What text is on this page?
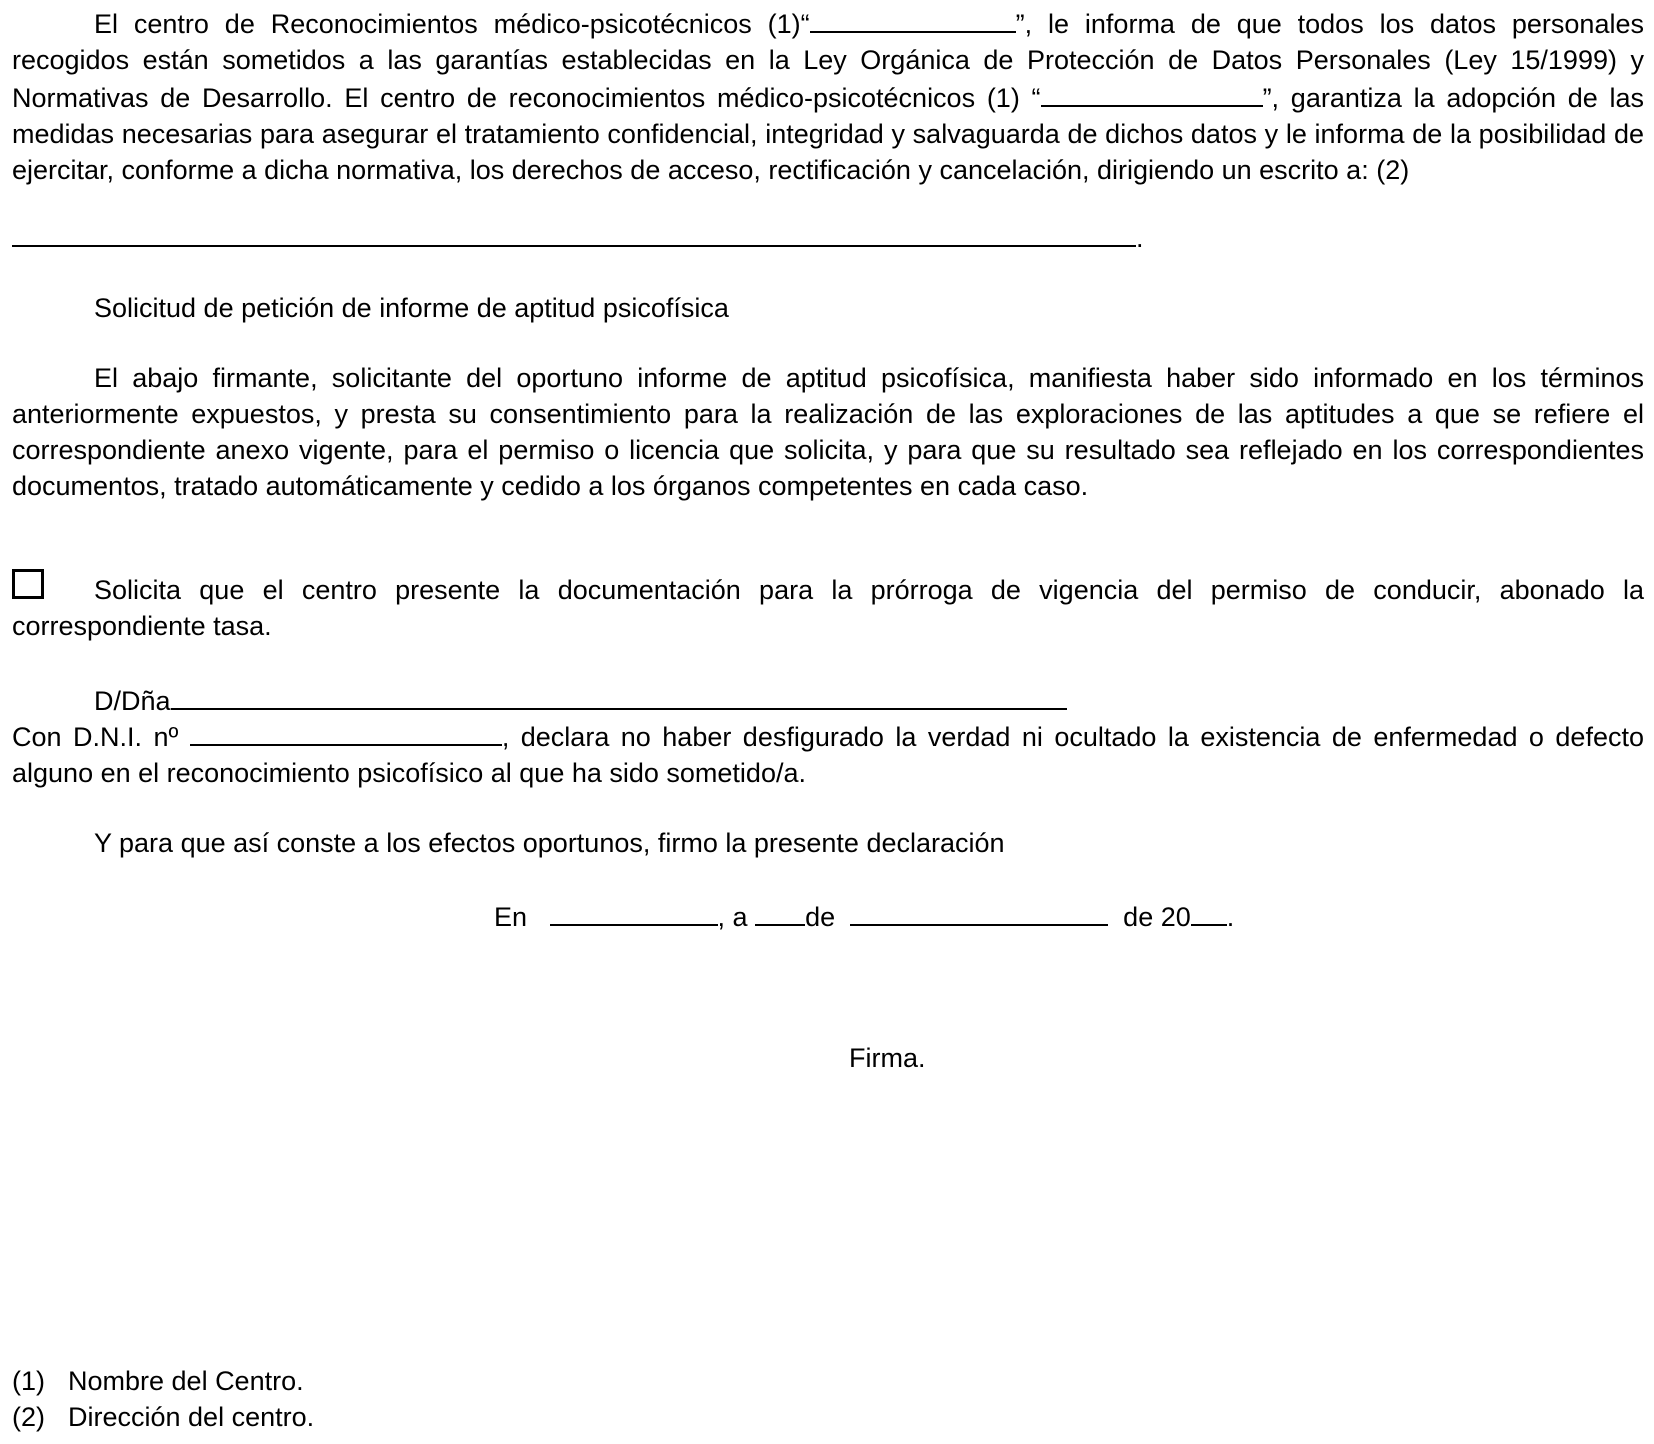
El centro de Reconocimientos médico-psicotécnicos (1)“	”, le informa de que todos los datos personales recogidos están sometidos a las garantías establecidas en la Ley Orgánica de Protección de Datos Personales (Ley 15/1999) y Normativas de Desarrollo. El centro de reconocimientos médico-psicotécnicos (1) “	”, garantiza la adopción de las medidas necesarias para asegurar el tratamiento confidencial, integridad y salvaguarda de dichos datos y le informa de la posibilidad de ejercitar, conforme a dicha normativa, los derechos de acceso, rectificación y cancelación, dirigiendo un escrito a: (2)

.

Solicitud de petición de informe de aptitud psicofísica

El abajo firmante, solicitante del oportuno informe de aptitud psicofísica, manifiesta haber sido informado en los términos anteriormente expuestos, y presta su consentimiento para la realización de las exploraciones de las aptitudes a que se refiere el correspondiente anexo vigente, para el permiso o licencia que solicita, y para que su resultado sea reflejado en los correspondientes documentos, tratado automáticamente y cedido a los órganos competentes en cada caso.

Solicita que el centro presente la documentación para la prórroga de vigencia del permiso de conducir, abonado la correspondiente tasa.

D/Dña

Con D.N.I. nº	, declara no haber desfigurado la verdad ni ocultado la existencia de enfermedad o defecto alguno en el reconocimiento psicofísico al que ha sido sometido/a.

Y para que así conste a los efectos oportunos, firmo la presente declaración

En	, a de	de 20 .

Firma.

(1) Nombre del Centro.

(2) Dirección del centro.
